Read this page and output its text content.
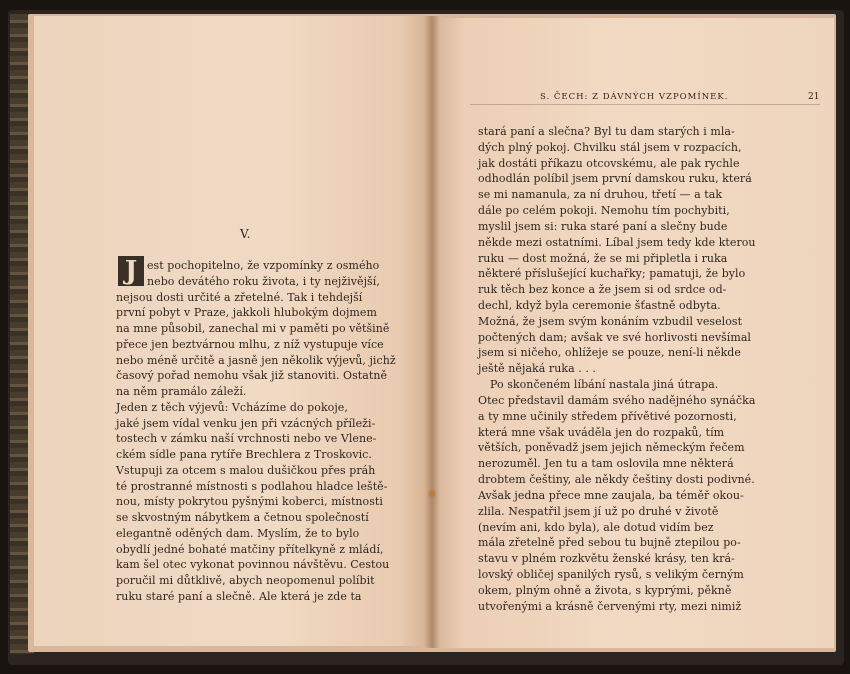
V.
J est pochopitelno, že vzpomínky z osmého
nebo devátého roku života, i ty nejživější,
nejsou dosti určité a zřetelné. Tak i tehdejší
první pobyt v Praze, jakkoli hlubokým dojmem
na mne působil, zanechal mi v paměti po většině
přece jen beztvárnou mlhu, z níž vystupuje více
nebo méně určitě a jasně jen několik výjevů, jichž
časový pořad nemohu však již stanoviti. Ostatně
na něm pramálo záleží.
Jeden z těch výjevů: Vcházíme do pokoje,
jaké jsem vídal venku jen při vzácných příleži-
tostech v zámku naší vrchnosti nebo ve Vlene-
ckém sídle pana rytíře Brechlera z Troskovic.
Vstupuji za otcem s malou dušičkou přes práh
té prostranné místnosti s podlahou hladce leště-
nou, místy pokrytou pyšnými koberci, místnosti
se skvostným nábytkem a četnou společností
elegantně oděných dam. Myslím, že to bylo
obydlí jedné bohaté matčiny přítelkyně z mládí,
kam šel otec vykonat povinnou návštěvu. Cestou
poručil mi důtklivě, abych neopomenul políbit
ruku staré paní a slečně. Ale která je zde ta
S. ČECH: Z DÁVNÝCH VZPOMÍNEK.	21
stará paní a slečna? Byl tu dam starých i mla-
dých plný pokoj. Chvilku stál jsem v rozpacích,
jak dostáti příkazu otcovskému, ale pak rychle
odhodlán políbil jsem první damskou ruku, která
se mi namanula, za ní druhou, třetí — a tak
dále po celém pokoji. Nemohu tím pochybiti,
myslil jsem si: ruka staré paní a slečny bude
někde mezi ostatními. Líbal jsem tedy kde kterou
ruku — dost možná, že se mi připletla i ruka
některé příslušející kuchařky; pamatuji, že bylo
ruk těch bez konce a že jsem si od srdce od-
dechl, když byla ceremonie šťastně odbyta.
Možná, že jsem svým konáním vzbudil veselost
počtených dam; avšak ve své horlivosti nevšímal
jsem si ničeho, ohlížeje se pouze, není-li někde
ještě nějaká ruka . . .
Po skončeném líbání nastala jiná útrapa.
Otec představil damám svého nadějného synáčka
a ty mne učinily středem přívětivé pozornosti,
která mne však uváděla jen do rozpaků, tím
větších, poněvadž jsem jejich německým řečem
nerozuměl. Jen tu a tam oslovila mne některá
drobtem češtiny, ale někdy češtiny dosti podivné.
Avšak jedna přece mne zaujala, ba téměř okou-
zlila. Nespatřil jsem jí už po druhé v životě
(nevím ani, kdo byla), ale dotud vidím bez
mála zřetelně před sebou tu bujně ztepilou po-
stavu v plném rozkvětu ženské krásy, ten krá-
lovský obličej spanilých rysů, s velikým černým
okem, plným ohně a života, s kyprými, pěkně
utvořenými a krásně červenými rty, mezi nimiž
